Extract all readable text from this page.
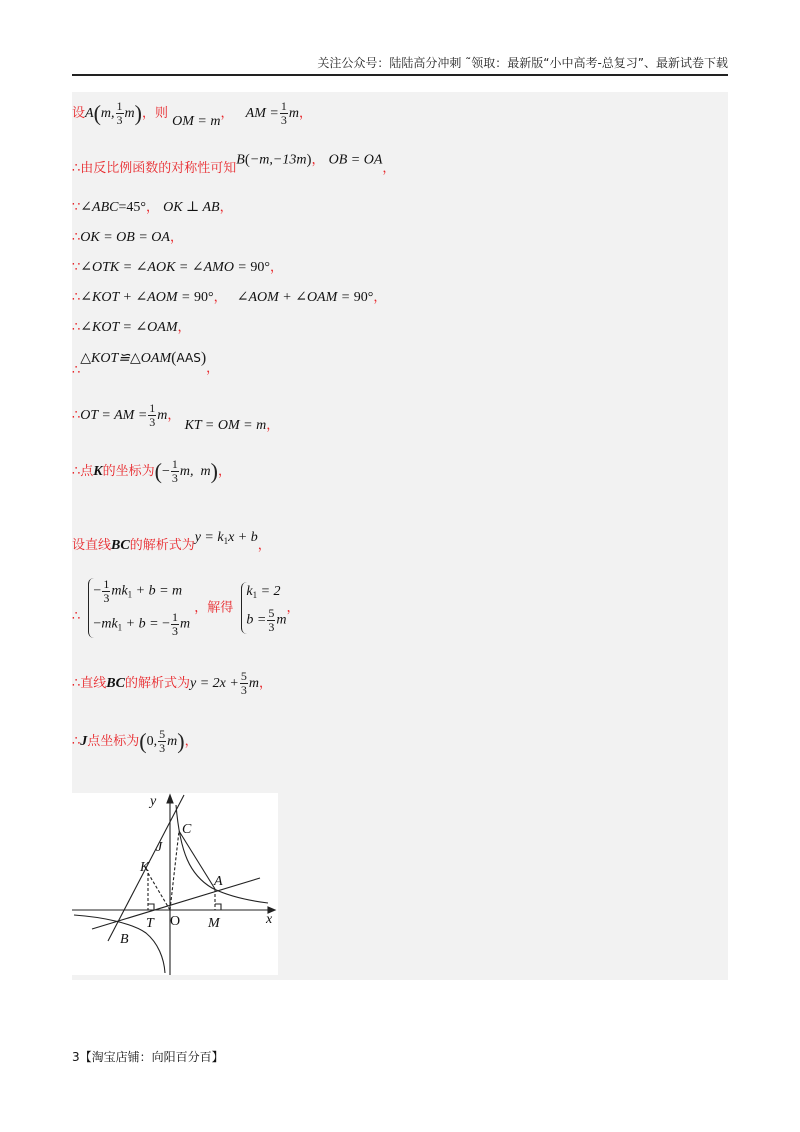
关注公众号：陆陆高分冲刺 ˜领取：最新版“小中高考-总复习”、最新试卷下载
设A(m, $\frac{1}{3} m$)，则 OM = m， AM = $\frac{1}{3}$ m，
∴由反比例函数的对称性可知B(−m,−13m)， OB = OA，
∵∠ABC=45°， OK ⊥ AB，
∴OK = OB = OA，
∵∠OTK = ∠AOK = ∠AMO = 90°，
∴∠KOT + ∠AOM = 90°， ∠AOM + ∠OAM = 90°，
∴∠KOT = ∠OAM，
∴△KOT≌△OAM(AAS)，
∴OT = AM = $\frac{1}{3}$ m， KT = OM = m，
∴点K的坐标为(− $\frac{1}{3} m$,  m)，
设直线BC的解析式为$y = k_1x + b$，
∴
− $\frac{1}{3} mk_1 + b = m$
$-mk_1 + b$ = − $\frac{1}{3}$ m
，解得
$k_1 = 2$
$b = \frac{5}{3}$ m
，
∴直线BC的解析式为$y = 2x + \frac{5}{3}$ m，
∴J点坐标为(0, $\frac{5}{3} m$)，
y
x
C
J
K
A
T O M
B
3【淘宝店铺：向阳百分百】
